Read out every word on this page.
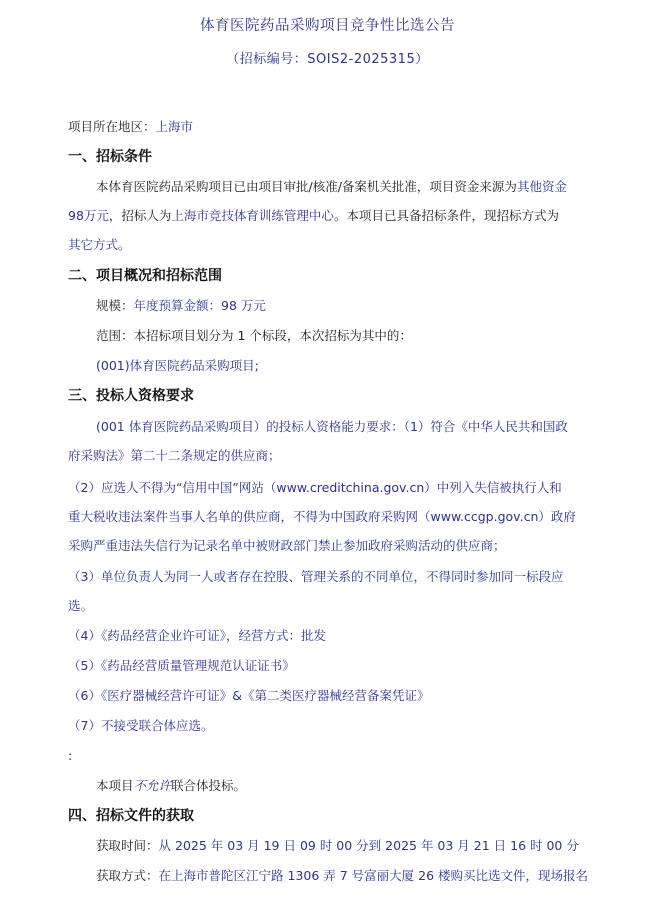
体育医院药品采购项目竞争性比选公告
（招标编号：SOIS2-2025315）
项目所在地区：上海市
一、招标条件
本体育医院药品采购项目已由项目审批/核准/备案机关批准，项目资金来源为其他资金
98万元，招标人为上海市竞技体育训练管理中心。本项目已具备招标条件，现招标方式为
其它方式。
二、项目概况和招标范围
规模：年度预算金额：98 万元
范围：本招标项目划分为 1 个标段，本次招标为其中的：
(001)体育医院药品采购项目;
三、投标人资格要求
(001 体育医院药品采购项目）的投标人资格能力要求：（1）符合《中华人民共和国政
府采购法》第二十二条规定的供应商；
（2）应选人不得为“信用中国”网站（www.creditchina.gov.cn）中列入失信被执行人和
重大税收违法案件当事人名单的供应商，不得为中国政府采购网（www.ccgp.gov.cn）政府
采购严重违法失信行为记录名单中被财政部门禁止参加政府采购活动的供应商；
（3）单位负责人为同一人或者存在控股、管理关系的不同单位，不得同时参加同一标段应
选。
（4）《药品经营企业许可证》，经营方式：批发
（5）《药品经营质量管理规范认证证书》
（6）《医疗器械经营许可证》&《第二类医疗器械经营备案凭证》
（7）不接受联合体应选。
:
本项目不允许联合体投标。
四、招标文件的获取
获取时间：从 2025 年 03 月 19 日 09 时 00 分到 2025 年 03 月 21 日 16 时 00 分
获取方式：在上海市普陀区江宁路 1306 弄 7 号富丽大厦 26 楼购买比选文件，现场报名
